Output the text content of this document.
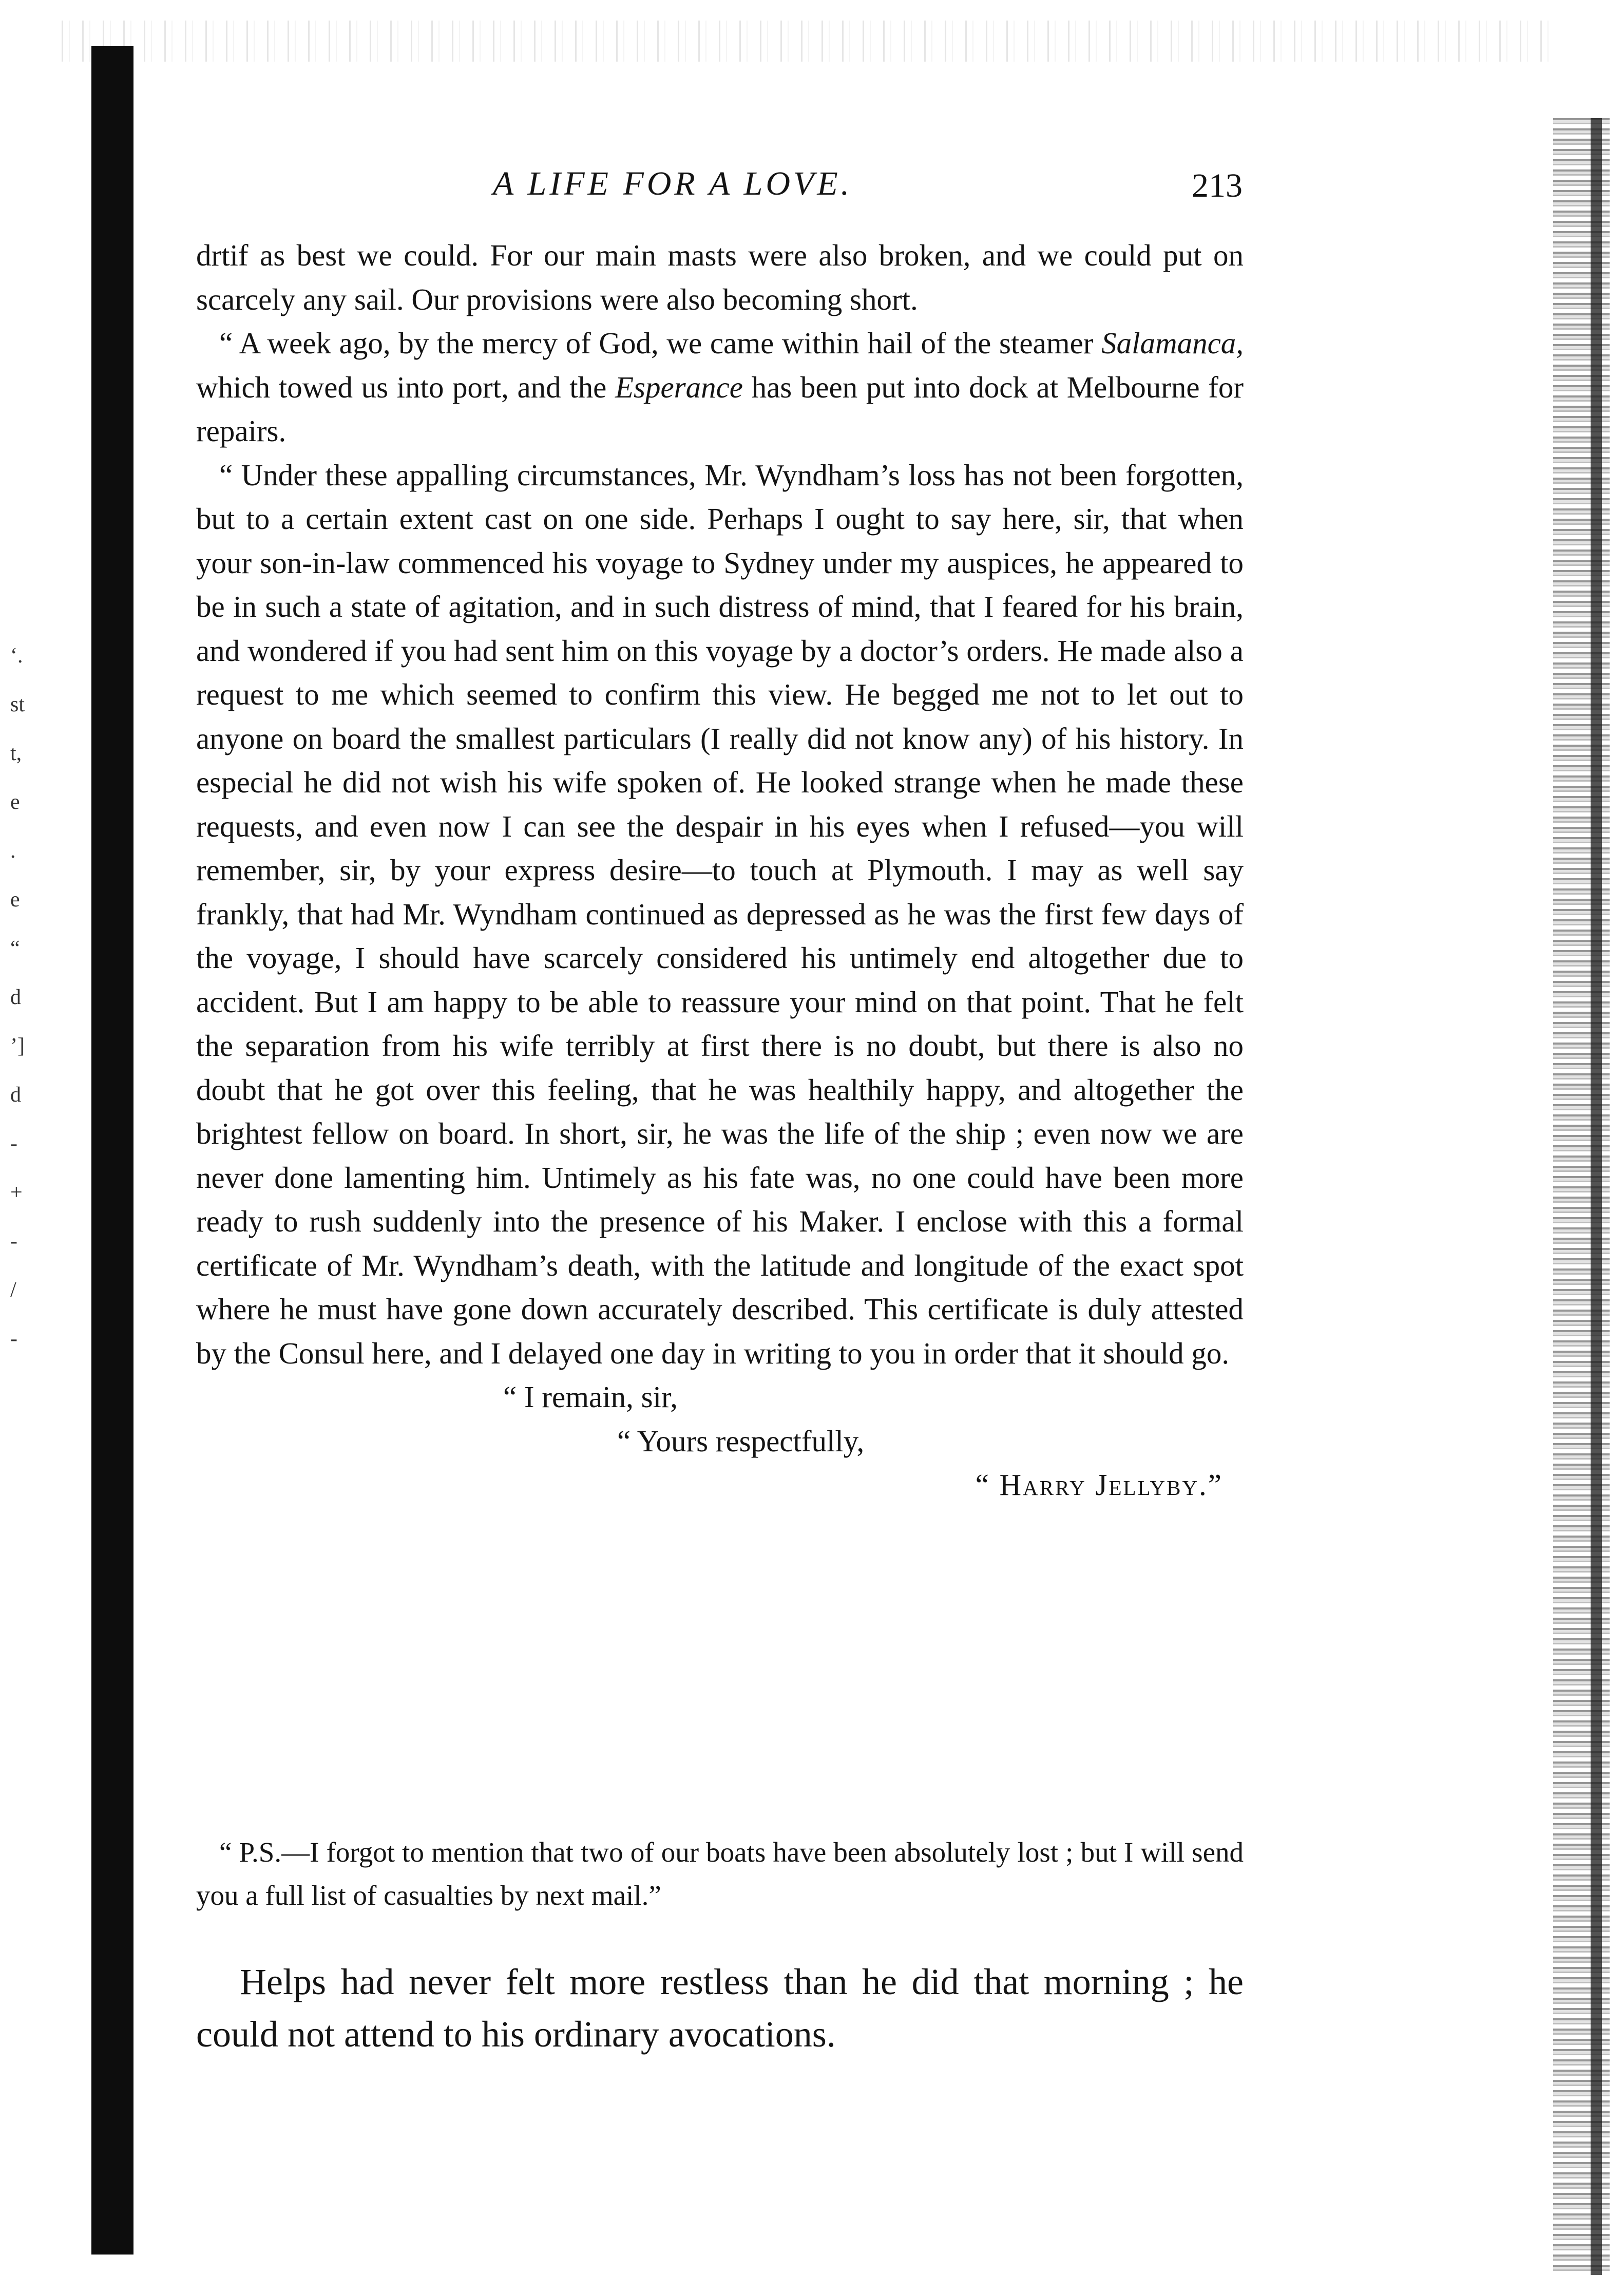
‘.
st
t,
e
.
e
“
d
’]
d
-
+
-
/
-
A LIFE FOR A LOVE.	213

drtif as best we could. For our main masts were also broken, and we could put on scarcely any sail. Our provisions were also becoming short.

“ A week ago, by the mercy of God, we came within hail of the steamer Salamanca, which towed us into port, and the Esperance has been put into dock at Melbourne for repairs.

“ Under these appalling circumstances, Mr. Wyndham’s loss has not been forgotten, but to a certain extent cast on one side. Perhaps I ought to say here, sir, that when your son-in-law commenced his voyage to Sydney under my auspices, he appeared to be in such a state of agitation, and in such distress of mind, that I feared for his brain, and wondered if you had sent him on this voyage by a doctor’s orders. He made also a request to me which seemed to confirm this view. He begged me not to let out to anyone on board the smallest particulars (I really did not know any) of his history. In especial he did not wish his wife spoken of. He looked strange when he made these requests, and even now I can see the despair in his eyes when I refused—you will remember, sir, by your express desire—to touch at Plymouth. I may as well say frankly, that had Mr. Wyndham continued as depressed as he was the first few days of the voyage, I should have scarcely considered his untimely end altogether due to accident. But I am happy to be able to reassure your mind on that point. That he felt the separation from his wife terribly at first there is no doubt, but there is also no doubt that he got over this feeling, that he was healthily happy, and altogether the brightest fellow on board. In short, sir, he was the life of the ship ; even now we are never done lamenting him. Untimely as his fate was, no one could have been more ready to rush suddenly into the presence of his Maker. I enclose with this a formal certificate of Mr. Wyndham’s death, with the latitude and longitude of the exact spot where he must have gone down accurately described. This certificate is duly attested by the Consul here, and I delayed one day in writing to you in order that it should go.

“ I remain, sir,

“ Yours respectfully,

“ Harry Jellyby.”

“ P.S.—I forgot to mention that two of our boats have been absolutely lost ; but I will send you a full list of casualties by next mail.”

Helps had never felt more restless than he did that morning ; he could not attend to his ordinary avocations.
